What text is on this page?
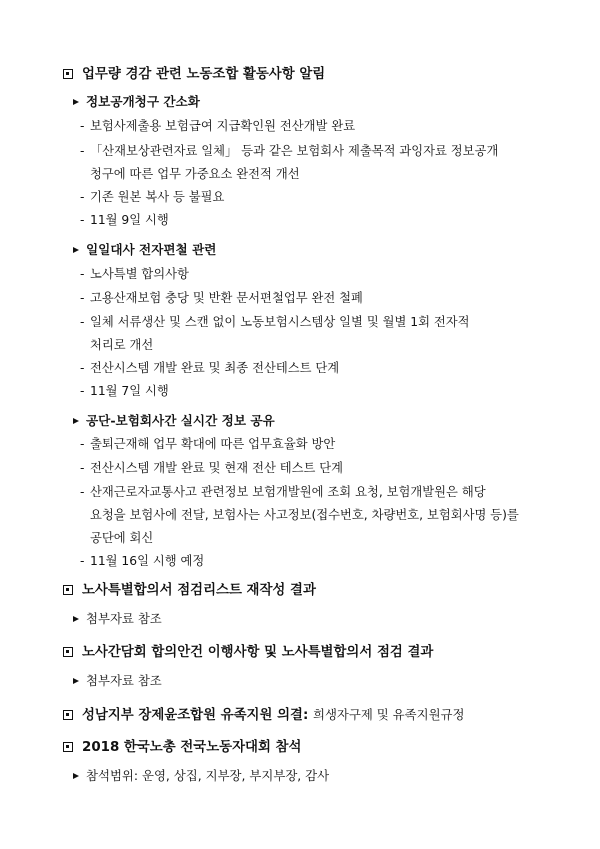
업무량 경감 관련 노동조합 활동사항 알림
정보공개청구 간소화
- 보험사제출용 보험급여 지급확인원 전산개발 완료
- 「산재보상관련자료 일체」 등과 같은 보험회사 제출목적 과잉자료 정보공개
청구에 따른 업무 가중요소 완전적 개선
- 기존 원본 복사 등 불필요
- 11월 9일 시행
일일대사 전자편철 관련
- 노사특별 합의사항
- 고용산재보험 충당 및 반환 문서편철업무 완전 철폐
- 일체 서류생산 및 스캔 없이 노동보험시스템상 일별 및 월별 1회 전자적
처리로 개선
- 전산시스템 개발 완료 및 최종 전산테스트 단계
- 11월 7일 시행
공단-보험회사간 실시간 정보 공유
- 출퇴근재해 업무 확대에 따른 업무효율화 방안
- 전산시스템 개발 완료 및 현재 전산 테스트 단계
- 산재근로자교통사고 관련정보 보험개발원에 조회 요청, 보험개발원은 해당
요청을 보험사에 전달, 보험사는 사고정보(접수번호, 차량번호, 보험회사명 등)를
공단에 회신
- 11월 16일 시행 예정
노사특별합의서 점검리스트 재작성 결과
첨부자료 참조
노사간담회 합의안건 이행사항 및 노사특별합의서 점검 결과
첨부자료 참조
성남지부 장제윤조합원 유족지원 의결: 희생자구제 및 유족지원규정
2018 한국노총 전국노동자대회 참석
참석범위: 운영, 상집, 지부장, 부지부장, 감사
